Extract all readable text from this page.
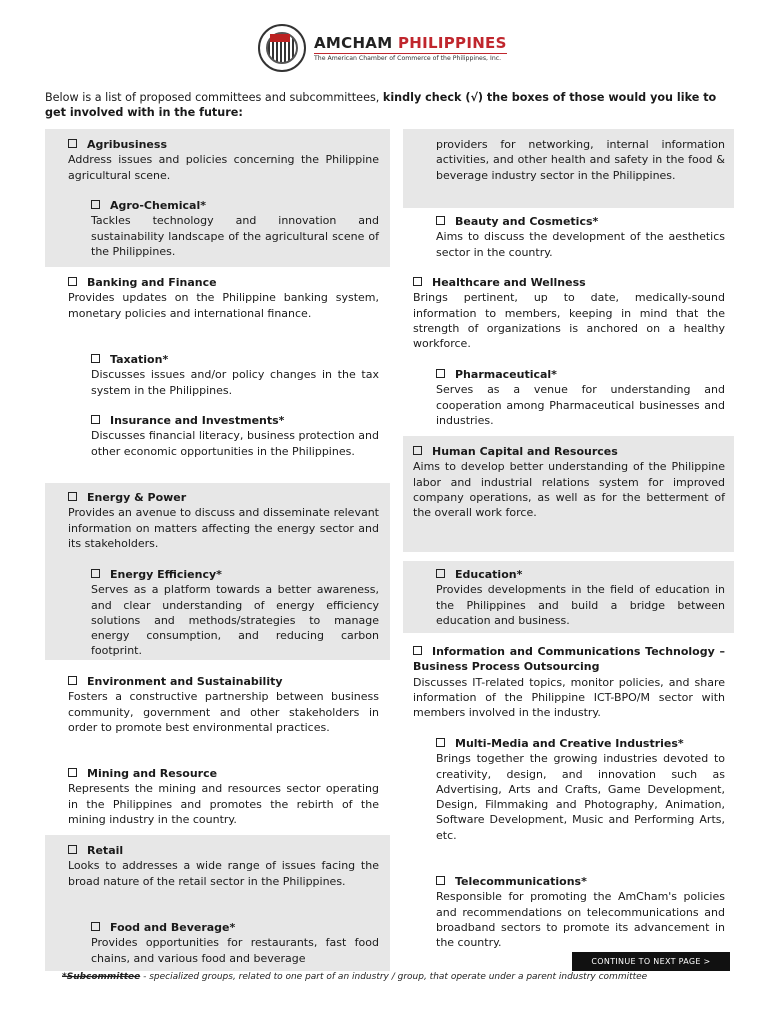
AMCHAM PHILIPPINES
The American Chamber of Commerce of the Philippines, Inc.
Below is a list of proposed committees and subcommittees, kindly check (√) the boxes of those would you like to get involved with in the future:
Agribusiness
Address issues and policies concerning the Philippine agricultural scene.
Agro-Chemical*
Tackles technology and innovation and sustainability landscape of the agricultural scene of the Philippines.
Banking and Finance
Provides updates on the Philippine banking system, monetary policies and international finance.
Taxation*
Discusses issues and/or policy changes in the tax system in the Philippines.
Insurance and Investments*
Discusses financial literacy, business protection and other economic opportunities in the Philippines.
Energy & Power
Provides an avenue to discuss and disseminate relevant information on matters affecting the energy sector and its stakeholders.
Energy Efficiency*
Serves as a platform towards a better awareness, and clear understanding of energy efficiency solutions and methods/strategies to manage energy consumption, and reducing carbon footprint.
Environment and Sustainability
Fosters a constructive partnership between business community, government and other stakeholders in order to promote best environmental practices.
Mining and Resource
Represents the mining and resources sector operating in the Philippines and promotes the rebirth of the mining industry in the country.
Retail
Looks to addresses a wide range of issues facing the broad nature of the retail sector in the Philippines.
Food and Beverage*
Provides opportunities for restaurants, fast food chains, and various food and beverage
providers for networking, internal information activities, and other health and safety in the food & beverage industry sector in the Philippines.
Beauty and Cosmetics*
Aims to discuss the development of the aesthetics sector in the country.
Healthcare and Wellness
Brings pertinent, up to date, medically-sound information to members, keeping in mind that the strength of organizations is anchored on a healthy workforce.
Pharmaceutical*
Serves as a venue for understanding and cooperation among Pharmaceutical businesses and industries.
Human Capital and Resources
Aims to develop better understanding of the Philippine labor and industrial relations system for improved company operations, as well as for the betterment of the overall work force.
Education*
Provides developments in the field of education in the Philippines and build a bridge between education and business.
Information and Communications Technology – Business Process Outsourcing
Discusses IT-related topics, monitor policies, and share information of the Philippine ICT-BPO/M sector with members involved in the industry.
Multi-Media and Creative Industries*
Brings together the growing industries devoted to creativity, design, and innovation such as Advertising, Arts and Crafts, Game Development, Design, Filmmaking and Photography, Animation, Software Development, Music and Performing Arts, etc.
Telecommunications*
Responsible for promoting the AmCham's policies and recommendations on telecommunications and broadband sectors to promote its advancement in the country.
CONTINUE TO NEXT PAGE >
*Subcommittee - specialized groups, related to one part of an industry / group, that operate under a parent industry committee
